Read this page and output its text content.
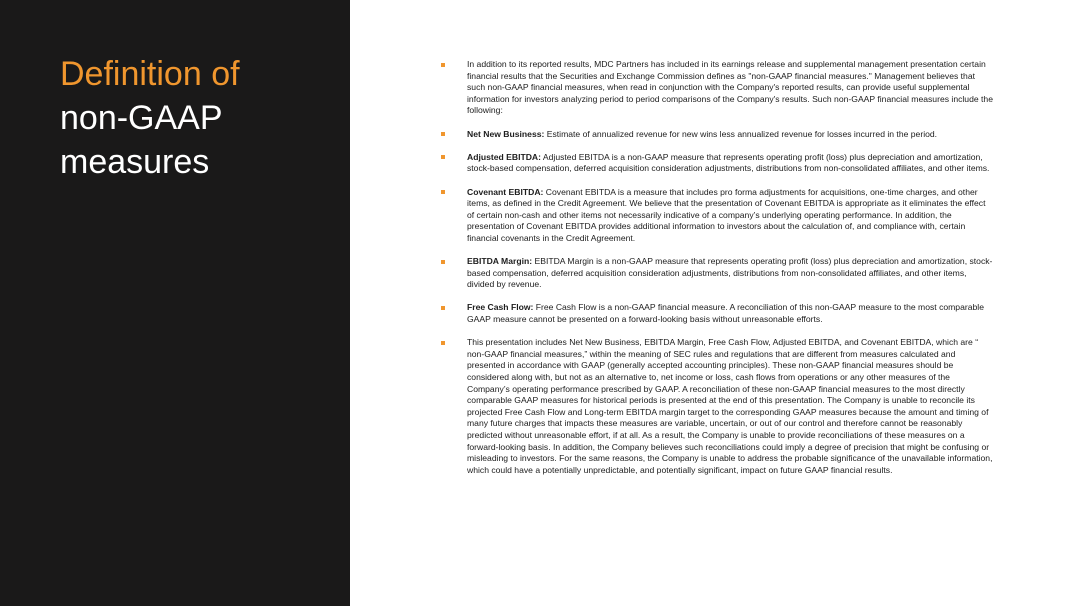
Definition of
non-GAAP
measures
In addition to its reported results, MDC Partners has included in its earnings release and supplemental management presentation certain financial results that the Securities and Exchange Commission defines as "non-GAAP financial measures." Management believes that such non-GAAP financial measures, when read in conjunction with the Company's reported results, can provide useful supplemental information for investors analyzing period to period comparisons of the Company's results. Such non-GAAP financial measures include the following:
Net New Business: Estimate of annualized revenue for new wins less annualized revenue for losses incurred in the period.
Adjusted EBITDA: Adjusted EBITDA is a non-GAAP measure that represents operating profit (loss) plus depreciation and amortization, stock-based compensation, deferred acquisition consideration adjustments, distributions from non-consolidated affiliates, and other items.
Covenant EBITDA: Covenant EBITDA is a measure that includes pro forma adjustments for acquisitions, one-time charges, and other items, as defined in the Credit Agreement. We believe that the presentation of Covenant EBITDA is appropriate as it eliminates the effect of certain non-cash and other items not necessarily indicative of a company’s underlying operating performance. In addition, the presentation of Covenant EBITDA provides additional information to investors about the calculation of, and compliance with, certain financial covenants in the Credit Agreement.
EBITDA Margin: EBITDA Margin is a non-GAAP measure that represents operating profit (loss) plus depreciation and amortization, stock-based compensation, deferred acquisition consideration adjustments, distributions from non-consolidated affiliates, and other items, divided by revenue.
Free Cash Flow: Free Cash Flow is a non-GAAP financial measure. A reconciliation of this non-GAAP measure to the most comparable GAAP measure cannot be presented on a forward-looking basis without unreasonable efforts.
This presentation includes Net New Business, EBITDA Margin, Free Cash Flow, Adjusted EBITDA, and Covenant EBITDA, which are “ non-GAAP financial measures,” within the meaning of SEC rules and regulations that are different from measures calculated and presented in accordance with GAAP (generally accepted accounting principles). These non-GAAP financial measures should be considered along with, but not as an alternative to, net income or loss, cash flows from operations or any other measures of the Company’s operating performance prescribed by GAAP. A reconciliation of these non-GAAP financial measures to the most directly comparable GAAP measures for historical periods is presented at the end of this presentation. The Company is unable to reconcile its projected Free Cash Flow and Long-term EBITDA margin target to the corresponding GAAP measures because the amount and timing of many future charges that impacts these measures are variable, uncertain, or out of our control and therefore cannot be reasonably predicted without unreasonable effort, if at all. As a result, the Company is unable to provide reconciliations of these measures on a forward-looking basis. In addition, the Company believes such reconciliations could imply a degree of precision that might be confusing or misleading to investors. For the same reasons, the Company is unable to address the probable significance of the unavailable information, which could have a potentially unpredictable, and potentially significant, impact on future GAAP financial results.
